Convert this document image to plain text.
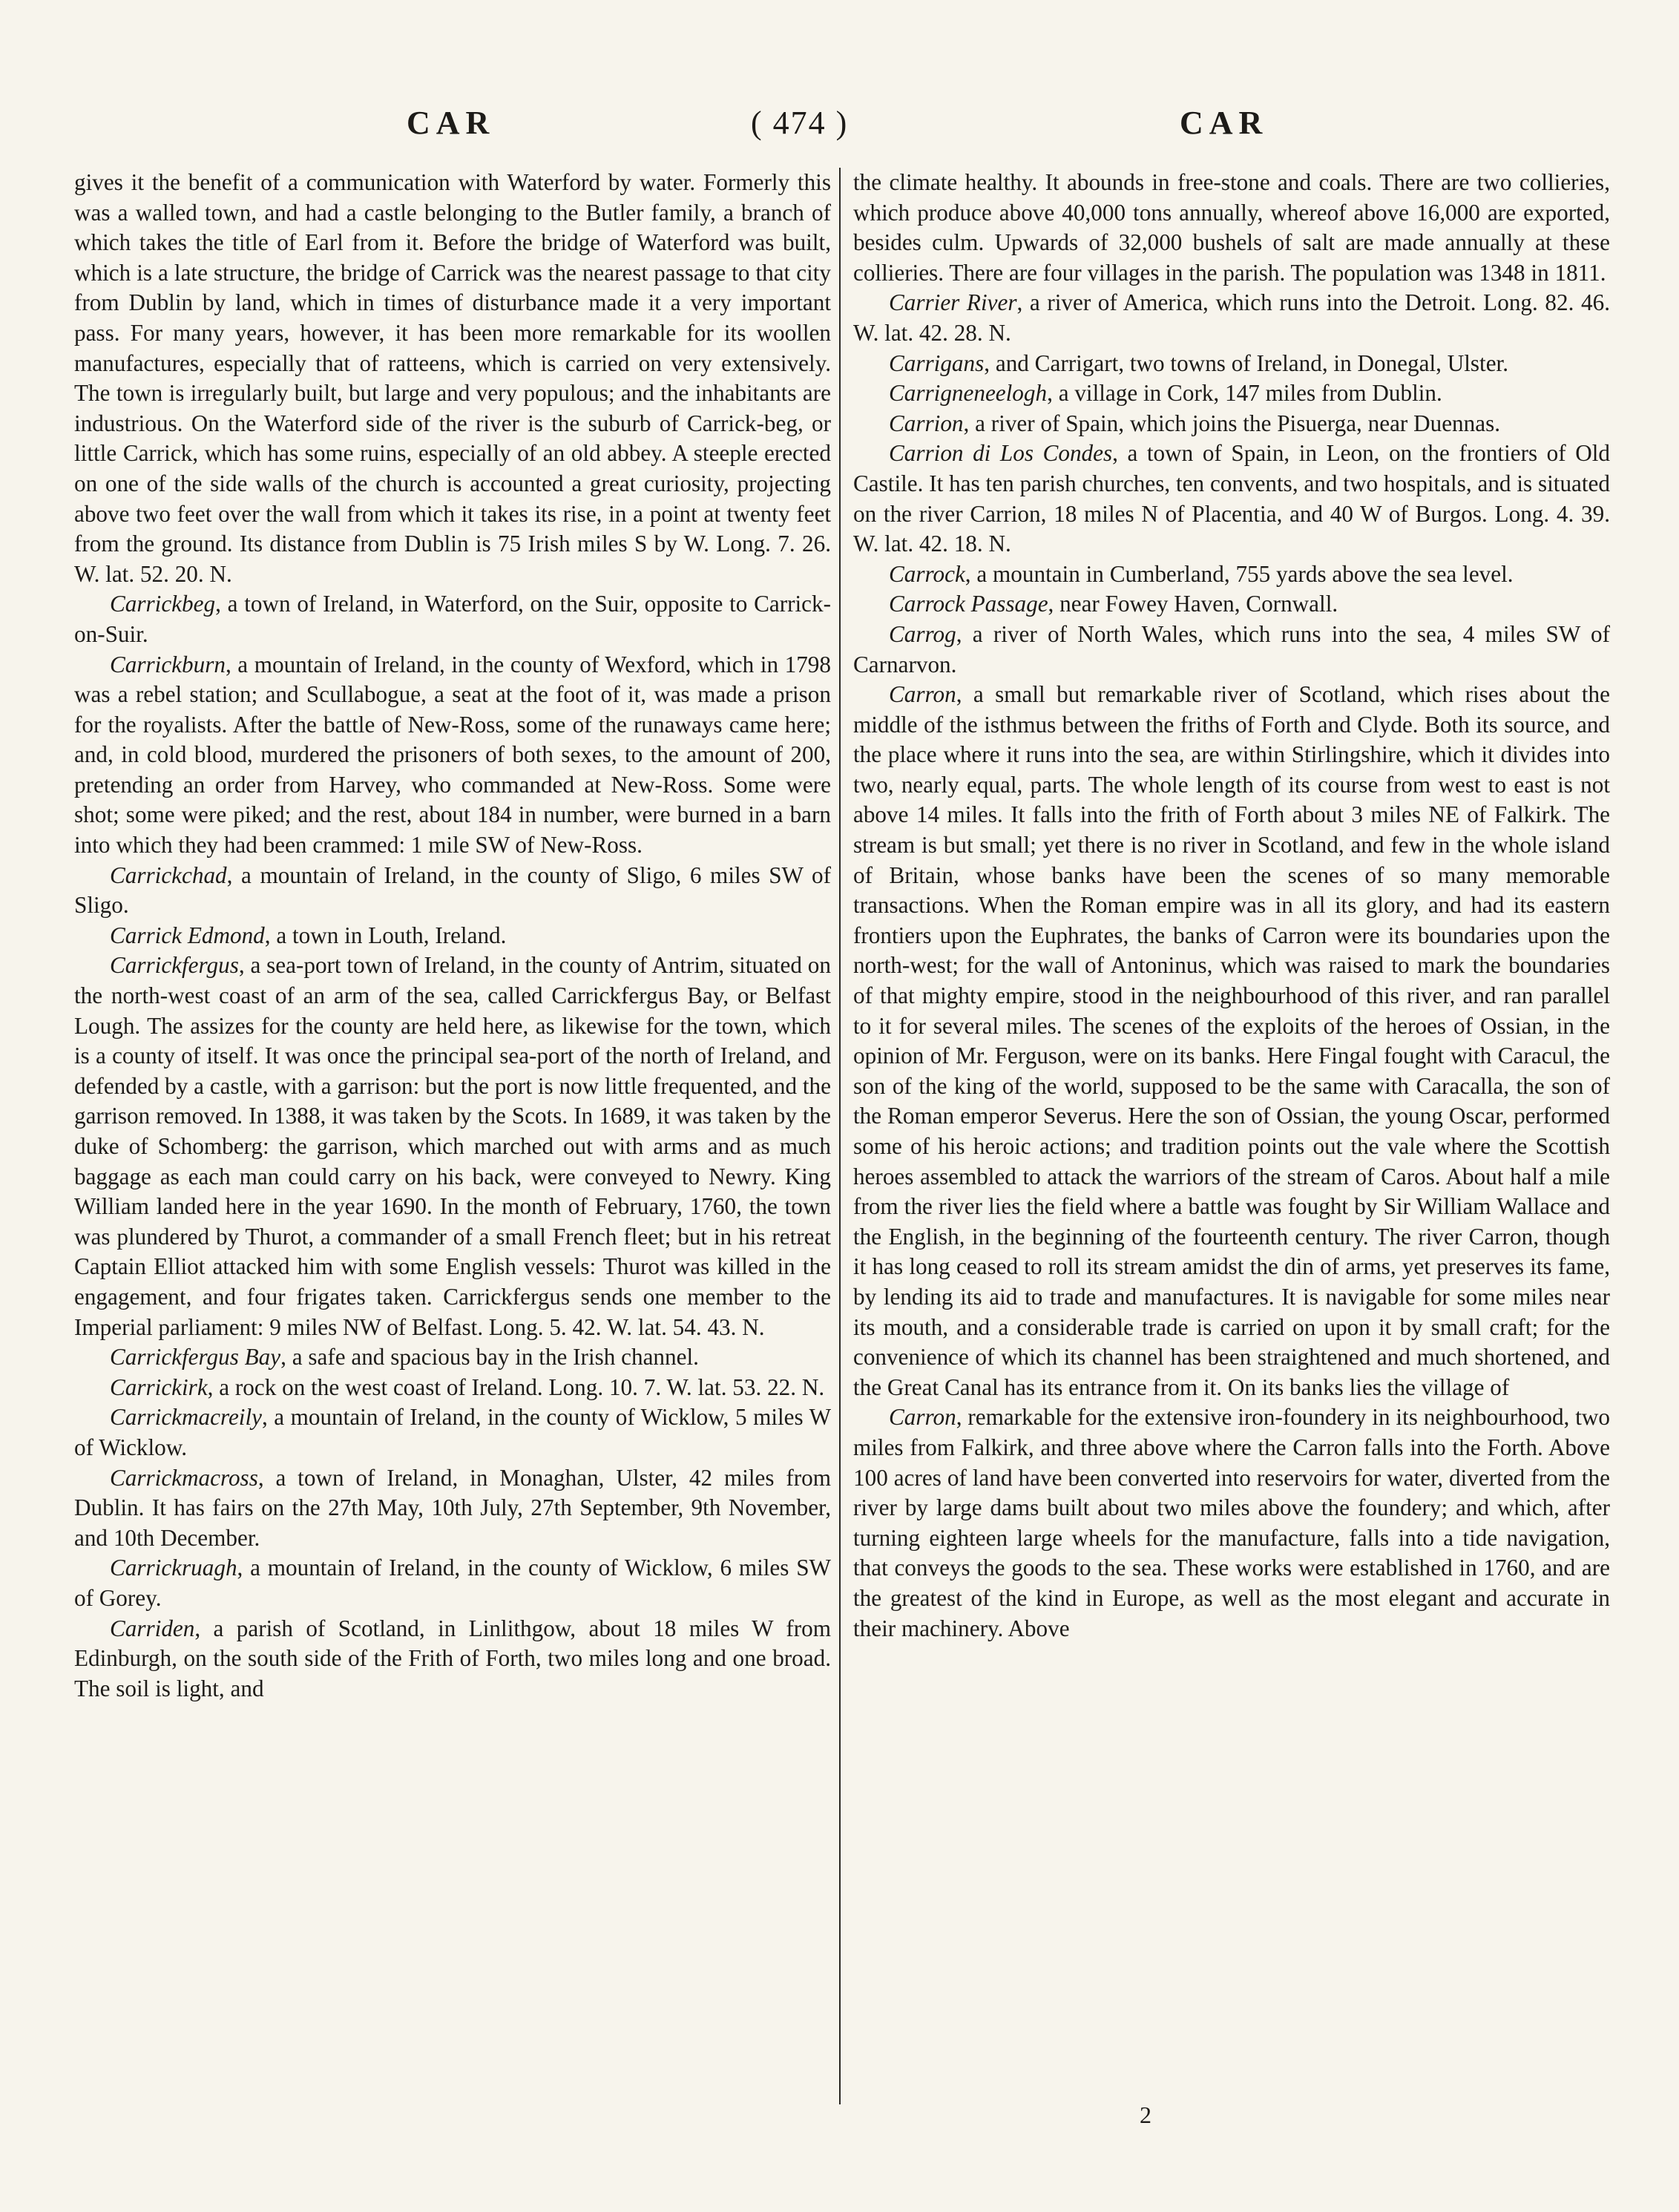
CAR	( 474 )	CAR

gives it the benefit of a communication with Waterford by water. Formerly this was a walled town, and had a castle belonging to the Butler family, a branch of which takes the title of Earl from it. Before the bridge of Waterford was built, which is a late structure, the bridge of Carrick was the nearest passage to that city from Dublin by land, which in times of disturbance made it a very important pass. For many years, however, it has been more remarkable for its woollen manufactures, especially that of ratteens, which is carried on very extensively. The town is irregularly built, but large and very populous; and the inhabitants are industrious. On the Waterford side of the river is the suburb of Carrick-beg, or little Carrick, which has some ruins, especially of an old abbey. A steeple erected on one of the side walls of the church is accounted a great curiosity, projecting above two feet over the wall from which it takes its rise, in a point at twenty feet from the ground. Its distance from Dublin is 75 Irish miles S by W. Long. 7. 26. W. lat. 52. 20. N.

Carrickbeg, a town of Ireland, in Waterford, on the Suir, opposite to Carrick-on-Suir.

Carrickburn, a mountain of Ireland, in the county of Wexford, which in 1798 was a rebel station; and Scullabogue, a seat at the foot of it, was made a prison for the royalists. After the battle of New-Ross, some of the runaways came here; and, in cold blood, murdered the prisoners of both sexes, to the amount of 200, pretending an order from Harvey, who commanded at New-Ross. Some were shot; some were piked; and the rest, about 184 in number, were burned in a barn into which they had been crammed: 1 mile SW of New-Ross.

Carrickchad, a mountain of Ireland, in the county of Sligo, 6 miles SW of Sligo.

Carrick Edmond, a town in Louth, Ireland.

Carrickfergus, a sea-port town of Ireland, in the county of Antrim, situated on the north-west coast of an arm of the sea, called Carrickfergus Bay, or Belfast Lough. The assizes for the county are held here, as likewise for the town, which is a county of itself. It was once the principal sea-port of the north of Ireland, and defended by a castle, with a garrison: but the port is now little frequented, and the garrison removed. In 1388, it was taken by the Scots. In 1689, it was taken by the duke of Schomberg: the garrison, which marched out with arms and as much baggage as each man could carry on his back, were conveyed to Newry. King William landed here in the year 1690. In the month of February, 1760, the town was plundered by Thurot, a commander of a small French fleet; but in his retreat Captain Elliot attacked him with some English vessels: Thurot was killed in the engagement, and four frigates taken. Carrickfergus sends one member to the Imperial parliament: 9 miles NW of Belfast. Long. 5. 42. W. lat. 54. 43. N.

Carrickfergus Bay, a safe and spacious bay in the Irish channel.

Carrickirk, a rock on the west coast of Ireland. Long. 10. 7. W. lat. 53. 22. N.

Carrickmacreily, a mountain of Ireland, in the county of Wicklow, 5 miles W of Wicklow.

Carrickmacross, a town of Ireland, in Monaghan, Ulster, 42 miles from Dublin. It has fairs on the 27th May, 10th July, 27th September, 9th November, and 10th December.

Carrickruagh, a mountain of Ireland, in the county of Wicklow, 6 miles SW of Gorey.

Carriden, a parish of Scotland, in Linlithgow, about 18 miles W from Edinburgh, on the south side of the Frith of Forth, two miles long and one broad. The soil is light, and

the climate healthy. It abounds in free-stone and coals. There are two collieries, which produce above 40,000 tons annually, whereof above 16,000 are exported, besides culm. Upwards of 32,000 bushels of salt are made annually at these collieries. There are four villages in the parish. The population was 1348 in 1811.

Carrier River, a river of America, which runs into the Detroit. Long. 82. 46. W. lat. 42. 28. N.

Carrigans, and Carrigart, two towns of Ireland, in Donegal, Ulster.

Carrigneneelogh, a village in Cork, 147 miles from Dublin.

Carrion, a river of Spain, which joins the Pisuerga, near Duennas.

Carrion di Los Condes, a town of Spain, in Leon, on the frontiers of Old Castile. It has ten parish churches, ten convents, and two hospitals, and is situated on the river Carrion, 18 miles N of Placentia, and 40 W of Burgos. Long. 4. 39. W. lat. 42. 18. N.

Carrock, a mountain in Cumberland, 755 yards above the sea level.

Carrock Passage, near Fowey Haven, Cornwall.

Carrog, a river of North Wales, which runs into the sea, 4 miles SW of Carnarvon.

Carron, a small but remarkable river of Scotland, which rises about the middle of the isthmus between the friths of Forth and Clyde. Both its source, and the place where it runs into the sea, are within Stirlingshire, which it divides into two, nearly equal, parts. The whole length of its course from west to east is not above 14 miles. It falls into the frith of Forth about 3 miles NE of Falkirk. The stream is but small; yet there is no river in Scotland, and few in the whole island of Britain, whose banks have been the scenes of so many memorable transactions. When the Roman empire was in all its glory, and had its eastern frontiers upon the Euphrates, the banks of Carron were its boundaries upon the north-west; for the wall of Antoninus, which was raised to mark the boundaries of that mighty empire, stood in the neighbourhood of this river, and ran parallel to it for several miles. The scenes of the exploits of the heroes of Ossian, in the opinion of Mr. Ferguson, were on its banks. Here Fingal fought with Caracul, the son of the king of the world, supposed to be the same with Caracalla, the son of the Roman emperor Severus. Here the son of Ossian, the young Oscar, performed some of his heroic actions; and tradition points out the vale where the Scottish heroes assembled to attack the warriors of the stream of Caros. About half a mile from the river lies the field where a battle was fought by Sir William Wallace and the English, in the beginning of the fourteenth century. The river Carron, though it has long ceased to roll its stream amidst the din of arms, yet preserves its fame, by lending its aid to trade and manufactures. It is navigable for some miles near its mouth, and a considerable trade is carried on upon it by small craft; for the convenience of which its channel has been straightened and much shortened, and the Great Canal has its entrance from it. On its banks lies the village of

Carron, remarkable for the extensive iron-foundery in its neighbourhood, two miles from Falkirk, and three above where the Carron falls into the Forth. Above 100 acres of land have been converted into reservoirs for water, diverted from the river by large dams built about two miles above the foundery; and which, after turning eighteen large wheels for the manufacture, falls into a tide navigation, that conveys the goods to the sea. These works were established in 1760, and are the greatest of the kind in Europe, as well as the most elegant and accurate in their machinery. Above

2
